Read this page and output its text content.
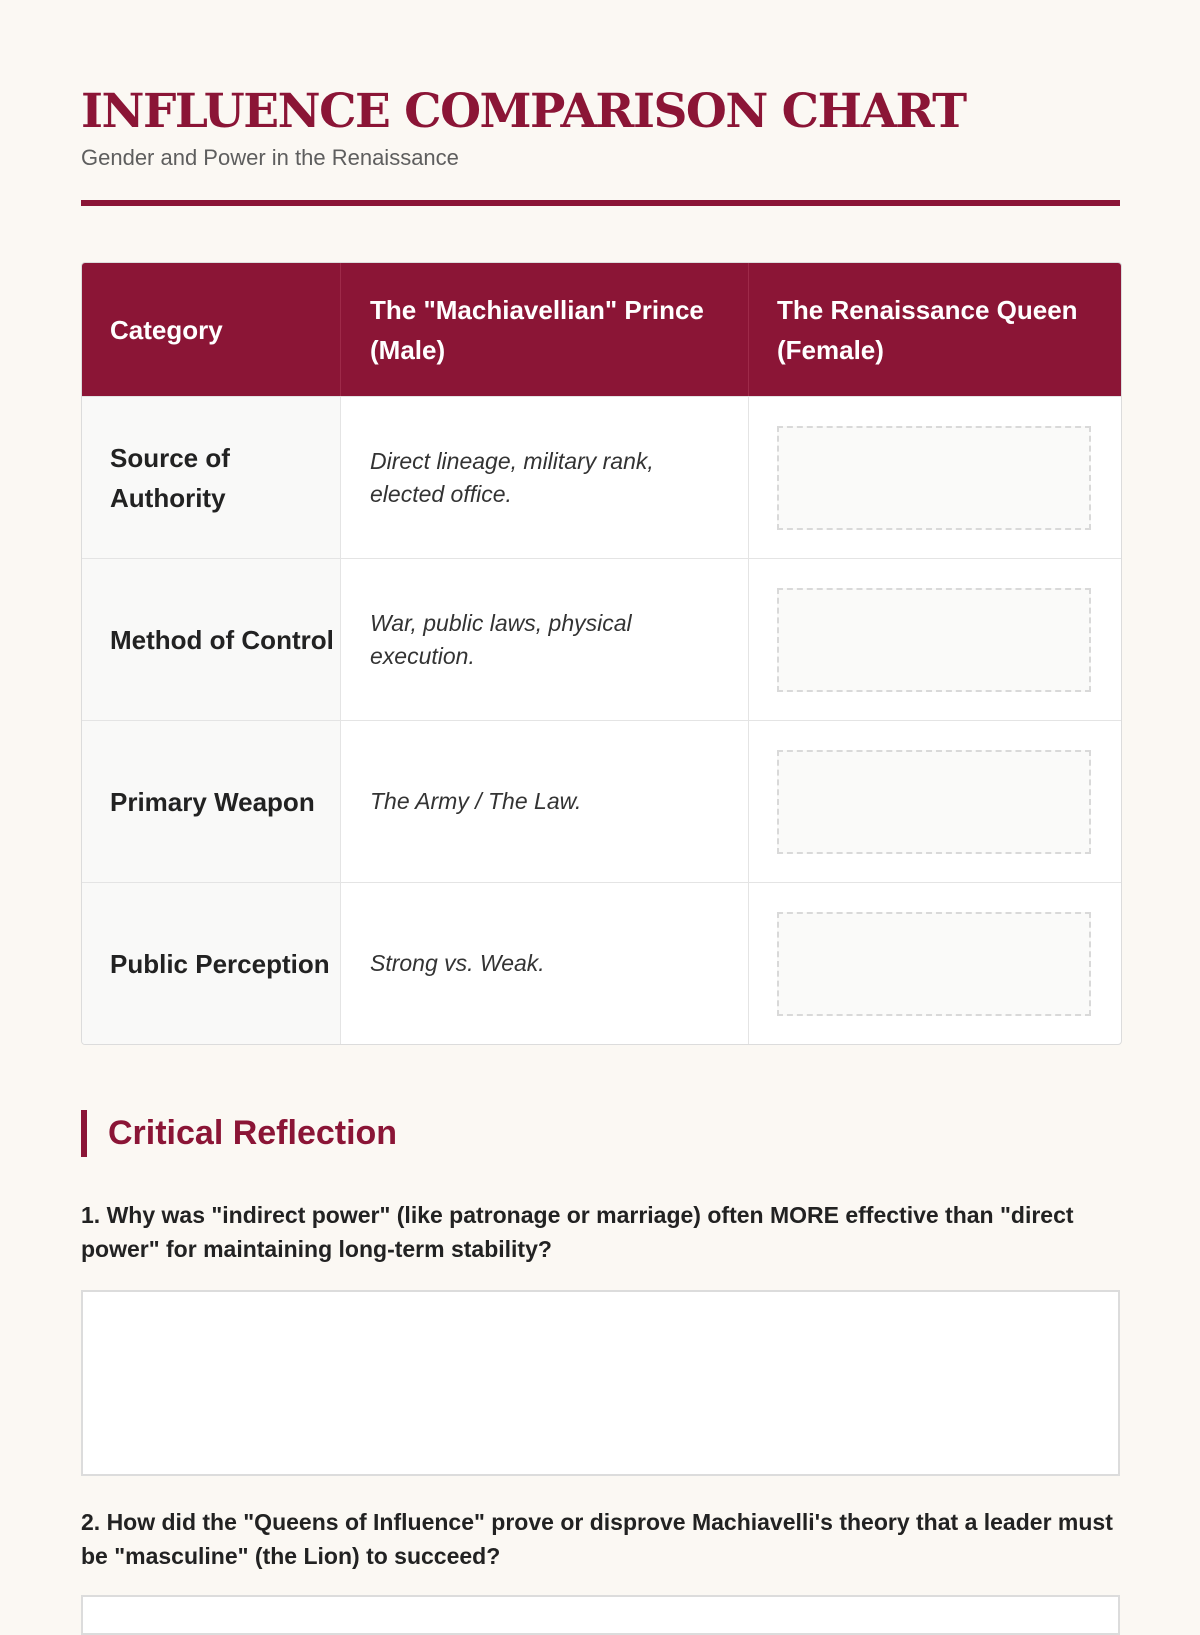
INFLUENCE COMPARISON CHART
Gender and Power in the Renaissance
Category
The "Machiavellian" Prince (Male)
The Renaissance Queen (Female)
Source of Authority
Direct lineage, military rank, elected office.
Method of Control
War, public laws, physical execution.
Primary Weapon	The Army / The Law.
Public Perception	Strong vs. Weak.
Critical Reflection
1. Why was "indirect power" (like patronage or marriage) often MORE effective than "direct power" for maintaining long-term stability?
2. How did the "Queens of Influence" prove or disprove Machiavelli's theory that a leader must be "masculine" (the Lion) to succeed?
